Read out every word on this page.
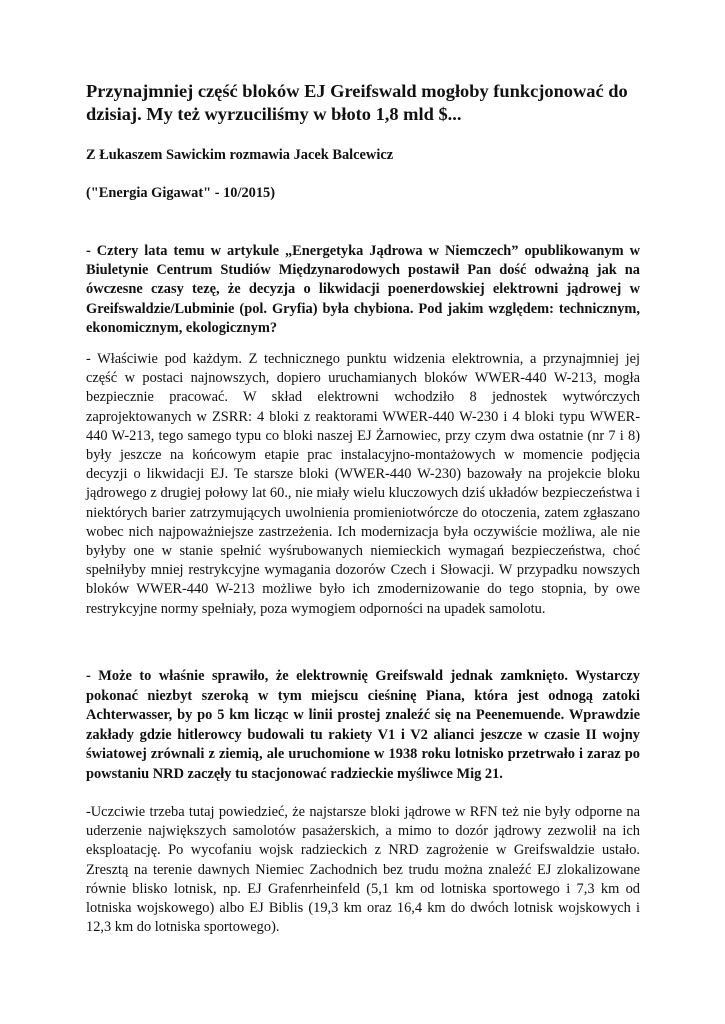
Przynajmniej część bloków EJ Greifswald mogłoby funkcjonować do dzisiaj. My też wyrzuciliśmy w błoto 1,8 mld $...

Z Łukaszem Sawickim rozmawia Jacek Balcewicz

("Energia Gigawat" - 10/2015)

- Cztery lata temu w artykule „Energetyka Jądrowa w Niemczech” opublikowanym w Biuletynie Centrum Studiów Międzynarodowych postawił Pan dość odważną jak na ówczesne czasy tezę, że decyzja o likwidacji poenerdowskiej elektrowni jądrowej w Greifswaldzie/Lubminie (pol. Gryfia) była chybiona. Pod jakim względem: technicznym, ekonomicznym, ekologicznym?

- Właściwie pod każdym. Z technicznego punktu widzenia elektrownia, a przynajmniej jej część w postaci najnowszych, dopiero uruchamianych bloków WWER-440 W-213, mogła bezpiecznie pracować. W skład elektrowni wchodziło 8 jednostek wytwórczych zaprojektowanych w ZSRR: 4 bloki z reaktorami WWER-440 W-230 i 4 bloki typu WWER-440 W-213, tego samego typu co bloki naszej EJ Żarnowiec, przy czym dwa ostatnie (nr 7 i 8) były jeszcze na końcowym etapie prac instalacyjno-montażowych w momencie podjęcia decyzji o likwidacji EJ. Te starsze bloki (WWER-440 W-230) bazowały na projekcie bloku jądrowego z drugiej połowy lat 60., nie miały wielu kluczowych dziś układów bezpieczeństwa i niektórych barier zatrzymujących uwolnienia promieniotwórcze do otoczenia, zatem zgłaszano wobec nich najpoważniejsze zastrzeżenia. Ich modernizacja była oczywiście możliwa, ale nie byłyby one w stanie spełnić wyśrubowanych niemieckich wymagań bezpieczeństwa, choć spełniłyby mniej restrykcyjne wymagania dozorów Czech i Słowacji. W przypadku nowszych bloków WWER-440 W-213 możliwe było ich zmodernizowanie do tego stopnia, by owe restrykcyjne normy spełniały, poza wymogiem odporności na upadek samolotu.

- Może to właśnie sprawiło, że elektrownię Greifswald jednak zamknięto. Wystarczy pokonać niezbyt szeroką w tym miejscu cieśninę Piana, która jest odnogą zatoki Achterwasser, by po 5 km licząc w linii prostej znaleźć się na Peenemuende. Wprawdzie zakłady gdzie hitlerowcy budowali tu rakiety V1 i V2 alianci jeszcze w czasie II wojny światowej zrównali z ziemią, ale uruchomione w 1938 roku lotnisko przetrwało i zaraz po powstaniu NRD zaczęły tu stacjonować radzieckie myśliwce Mig 21.

-Uczciwie trzeba tutaj powiedzieć, że najstarsze bloki jądrowe w RFN też nie były odporne na uderzenie największych samolotów pasażerskich, a mimo to dozór jądrowy zezwolił na ich eksploatację. Po wycofaniu wojsk radzieckich z NRD zagrożenie w Greifswaldzie ustało. Zresztą na terenie dawnych Niemiec Zachodnich bez trudu można znaleźć EJ zlokalizowane równie blisko lotnisk, np. EJ Grafenrheinfeld (5,1 km od lotniska sportowego i 7,3 km od lotniska wojskowego) albo EJ Biblis (19,3 km oraz 16,4 km do dwóch lotnisk wojskowych i 12,3 km do lotniska sportowego).
